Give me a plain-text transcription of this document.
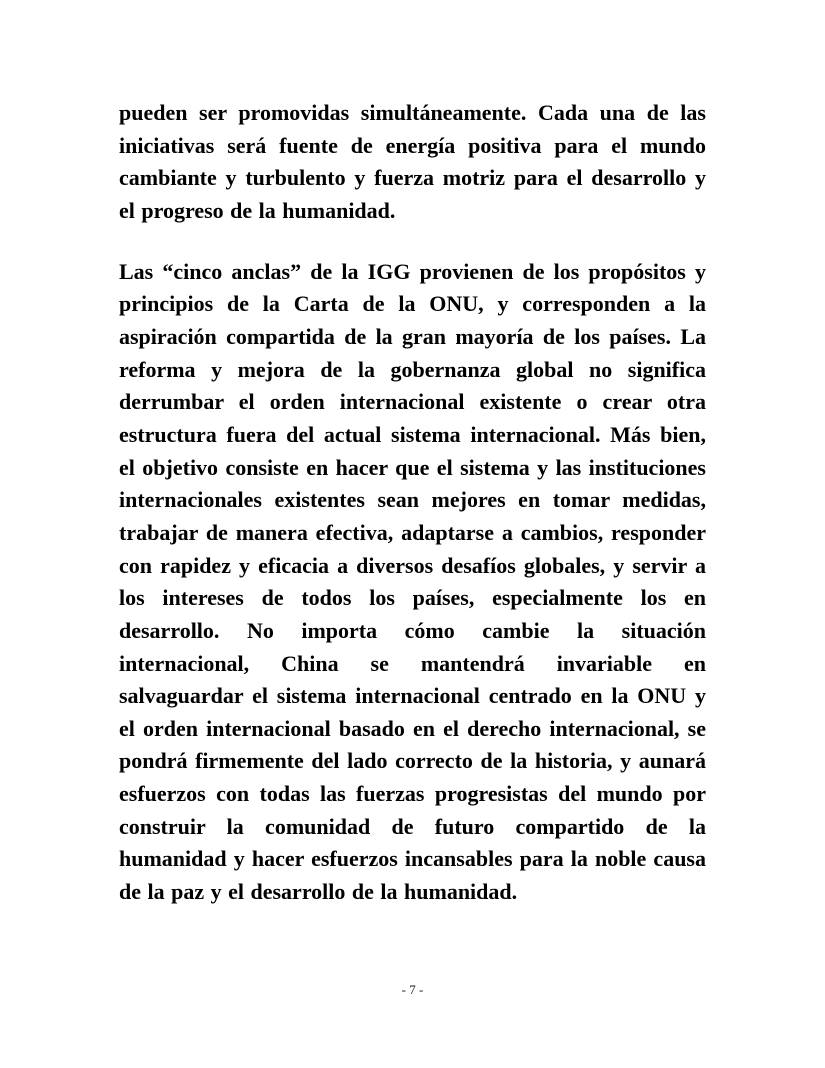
pueden ser promovidas simultáneamente. Cada una de las iniciativas será fuente de energía positiva para el mundo cambiante y turbulento y fuerza motriz para el desarrollo y el progreso de la humanidad.

Las “cinco anclas” de la IGG provienen de los propósitos y principios de la Carta de la ONU, y corresponden a la aspiración compartida de la gran mayoría de los países. La reforma y mejora de la gobernanza global no significa derrumbar el orden internacional existente o crear otra estructura fuera del actual sistema internacional. Más bien, el objetivo consiste en hacer que el sistema y las instituciones internacionales existentes sean mejores en tomar medidas, trabajar de manera efectiva, adaptarse a cambios, responder con rapidez y eficacia a diversos desafíos globales, y servir a los intereses de todos los países, especialmente los en desarrollo. No importa cómo cambie la situación internacional, China se mantendrá invariable en salvaguardar el sistema internacional centrado en la ONU y el orden internacional basado en el derecho internacional, se pondrá firmemente del lado correcto de la historia, y aunará esfuerzos con todas las fuerzas progresistas del mundo por construir la comunidad de futuro compartido de la humanidad y hacer esfuerzos incansables para la noble causa de la paz y el desarrollo de la humanidad.

- 7 -
